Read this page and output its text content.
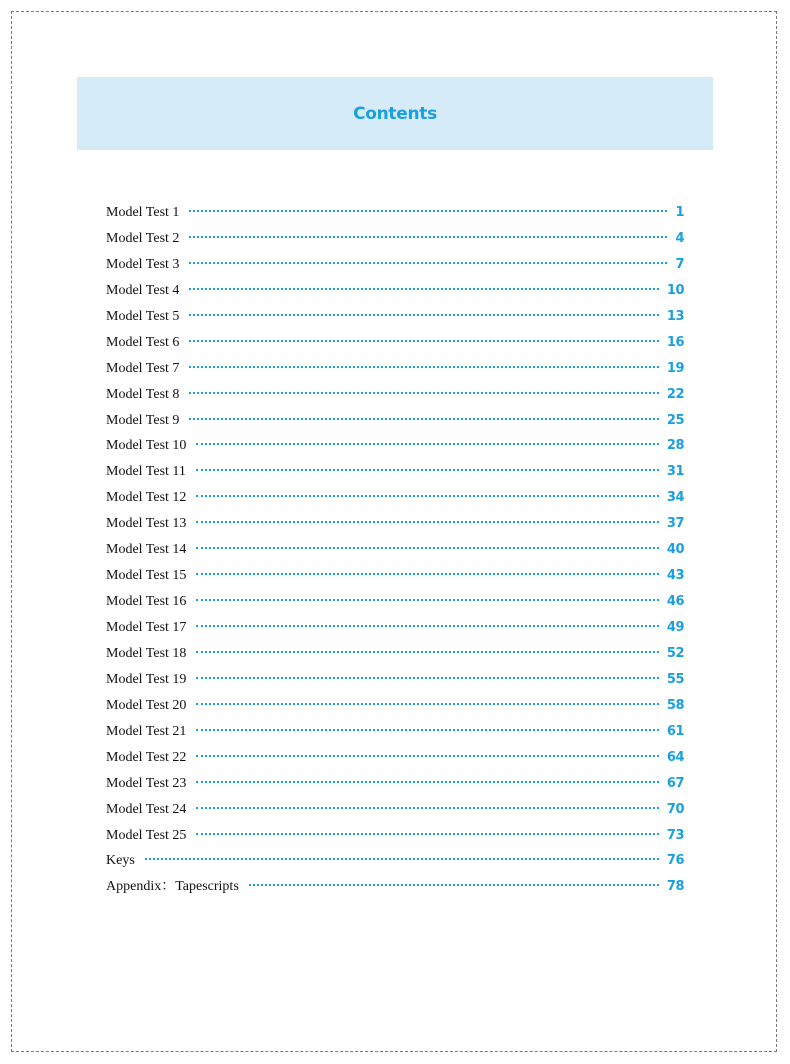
Contents
Model Test 1	1
Model Test 2	4
Model Test 3	7
Model Test 4	10
Model Test 5	13
Model Test 6	16
Model Test 7	19
Model Test 8	22
Model Test 9	25
Model Test 10	28
Model Test 11	31
Model Test 12	34
Model Test 13	37
Model Test 14	40
Model Test 15	43
Model Test 16	46
Model Test 17	49
Model Test 18	52
Model Test 19	55
Model Test 20	58
Model Test 21	61
Model Test 22	64
Model Test 23	67
Model Test 24	70
Model Test 25	73
Keys	76
Appendix：Tapescripts	78
